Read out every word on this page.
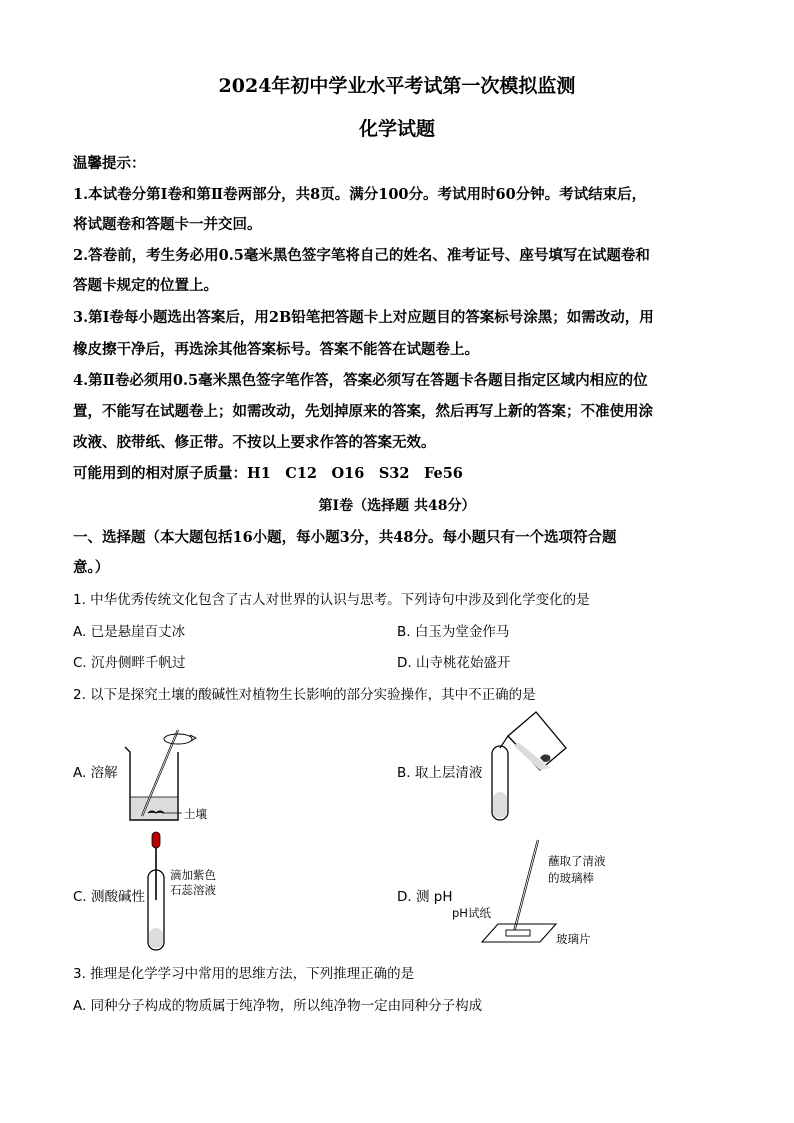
2024年初中学业水平考试第一次模拟监测
化学试题
温馨提示：
1.本试卷分第Ⅰ卷和第Ⅱ卷两部分，共8页。满分100分。考试用时60分钟。考试结束后，
将试题卷和答题卡一并交回。
2.答卷前，考生务必用0.5毫米黑色签字笔将自己的姓名、准考证号、座号填写在试题卷和
答题卡规定的位置上。
3.第Ⅰ卷每小题选出答案后，用2B铅笔把答题卡上对应题目的答案标号涂黑；如需改动，用
橡皮擦干净后，再选涂其他答案标号。答案不能答在试题卷上。
4.第Ⅱ卷必须用0.5毫米黑色签字笔作答，答案必须写在答题卡各题目指定区域内相应的位
置，不能写在试题卷上；如需改动，先划掉原来的答案，然后再写上新的答案；不准使用涂
改液、胶带纸、修正带。不按以上要求作答的答案无效。
可能用到的相对原子质量：H1　C12　O16　S32　Fe56
第Ⅰ卷（选择题 共48分）
一、选择题（本大题包括16小题，每小题3分，共48分。每小题只有一个选项符合题
意。）
1. 中华优秀传统文化包含了古人对世界的认识与思考。下列诗句中涉及到化学变化的是
A. 已是悬崖百丈冰	B. 白玉为堂金作马
C. 沉舟侧畔千帆过	D. 山寺桃花始盛开
2. 以下是探究土壤的酸碱性对植物生长影响的部分实验操作，其中不正确的是
A. 溶解
土壤
B. 取上层清液
C. 测酸碱性
滴加紫色
石蕊溶液	D. 测 pH
蘸取了清液
的玻璃棒
pH试纸
玻璃片
3. 推理是化学学习中常用的思维方法，下列推理正确的是
A. 同种分子构成的物质属于纯净物，所以纯净物一定由同种分子构成
